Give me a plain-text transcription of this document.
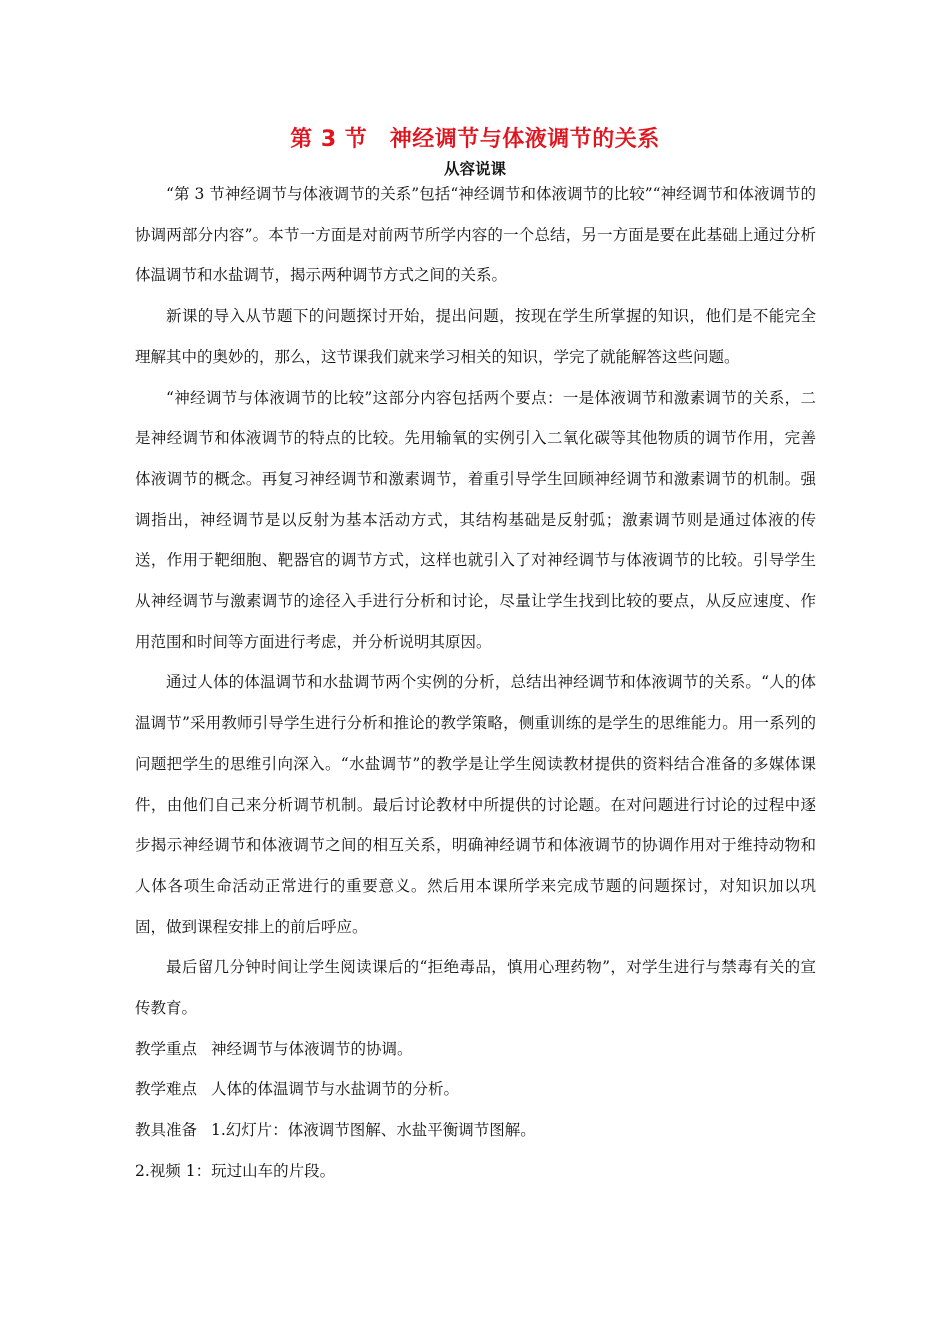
第 3 节　神经调节与体液调节的关系
从容说课

“第 3 节神经调节与体液调节的关系”包括“神经调节和体液调节的比较”“神经调节和体液调节的协调两部分内容”。本节一方面是对前两节所学内容的一个总结，另一方面是要在此基础上通过分析体温调节和水盐调节，揭示两种调节方式之间的关系。

新课的导入从节题下的问题探讨开始，提出问题，按现在学生所掌握的知识，他们是不能完全理解其中的奥妙的，那么，这节课我们就来学习相关的知识，学完了就能解答这些问题。

“神经调节与体液调节的比较”这部分内容包括两个要点：一是体液调节和激素调节的关系，二是神经调节和体液调节的特点的比较。先用输氧的实例引入二氧化碳等其他物质的调节作用，完善体液调节的概念。再复习神经调节和激素调节，着重引导学生回顾神经调节和激素调节的机制。强调指出，神经调节是以反射为基本活动方式，其结构基础是反射弧；激素调节则是通过体液的传送，作用于靶细胞、靶器官的调节方式，这样也就引入了对神经调节与体液调节的比较。引导学生从神经调节与激素调节的途径入手进行分析和讨论，尽量让学生找到比较的要点，从反应速度、作用范围和时间等方面进行考虑，并分析说明其原因。

通过人体的体温调节和水盐调节两个实例的分析，总结出神经调节和体液调节的关系。“人的体温调节”采用教师引导学生进行分析和推论的教学策略，侧重训练的是学生的思维能力。用一系列的问题把学生的思维引向深入。“水盐调节”的教学是让学生阅读教材提供的资料结合准备的多媒体课件，由他们自己来分析调节机制。最后讨论教材中所提供的讨论题。在对问题进行讨论的过程中逐步揭示神经调节和体液调节之间的相互关系，明确神经调节和体液调节的协调作用对于维持动物和人体各项生命活动正常进行的重要意义。然后用本课所学来完成节题的问题探讨，对知识加以巩固，做到课程安排上的前后呼应。

最后留几分钟时间让学生阅读课后的“拒绝毒品，慎用心理药物”，对学生进行与禁毒有关的宣传教育。

教学重点 神经调节与体液调节的协调。

教学难点 人体的体温调节与水盐调节的分析。

教具准备 1.幻灯片：体液调节图解、水盐平衡调节图解。

2.视频 1：玩过山车的片段。
